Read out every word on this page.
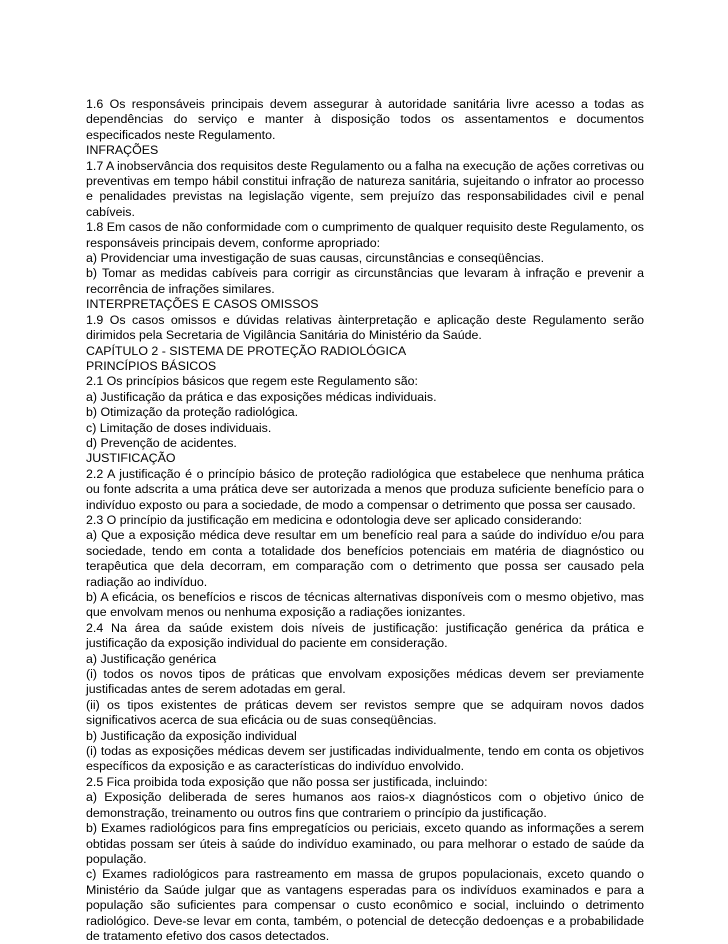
1.6 Os responsáveis principais devem assegurar à autoridade sanitária livre acesso a todas as dependências do serviço e manter à disposição todos os assentamentos e documentos especificados neste Regulamento.

INFRAÇÕES

1.7 A inobservância dos requisitos deste Regulamento ou a falha na execução de ações corretivas ou preventivas em tempo hábil constitui infração de natureza sanitária, sujeitando o infrator ao processo e penalidades previstas na legislação vigente, sem prejuízo das responsabilidades civil e penal cabíveis.

1.8 Em casos de não conformidade com o cumprimento de qualquer requisito deste Regulamento, os responsáveis principais devem, conforme apropriado:

a) Providenciar uma investigação de suas causas, circunstâncias e conseqüências.

b) Tomar as medidas cabíveis para corrigir as circunstâncias que levaram à infração e prevenir a recorrência de infrações similares.

INTERPRETAÇÕES E CASOS OMISSOS

1.9 Os casos omissos e dúvidas relativas àinterpretação e aplicação deste Regulamento serão dirimidos pela Secretaria de Vigilância Sanitária do Ministério da Saúde.

CAPÍTULO 2 - SISTEMA DE PROTEÇÃO RADIOLÓGICA

PRINCÍPIOS BÁSICOS

2.1 Os princípios básicos que regem este Regulamento são:

a) Justificação da prática e das exposições médicas individuais.

b) Otimização da proteção radiológica.

c) Limitação de doses individuais.

d) Prevenção de acidentes.

JUSTIFICAÇÃO

2.2 A justificação é o princípio básico de proteção radiológica que estabelece que nenhuma prática ou fonte adscrita a uma prática deve ser autorizada a menos que produza suficiente benefício para o indivíduo exposto ou para a sociedade, de modo a compensar o detrimento que possa ser causado.

2.3 O princípio da justificação em medicina e odontologia deve ser aplicado considerando:

a) Que a exposição médica deve resultar em um benefício real para a saúde do indivíduo e/ou para sociedade, tendo em conta a totalidade dos benefícios potenciais em matéria de diagnóstico ou terapêutica que dela decorram, em comparação com o detrimento que possa ser causado pela radiação ao indivíduo.

b) A eficácia, os benefícios e riscos de técnicas alternativas disponíveis com o mesmo objetivo, mas que envolvam menos ou nenhuma exposição a radiações ionizantes.

2.4 Na área da saúde existem dois níveis de justificação: justificação genérica da prática e justificação da exposição individual do paciente em consideração.

a) Justificação genérica

(i) todos os novos tipos de práticas que envolvam exposições médicas devem ser previamente justificadas antes de serem adotadas em geral.

(ii) os tipos existentes de práticas devem ser revistos sempre que se adquiram novos dados significativos acerca de sua eficácia ou de suas conseqüências.

b) Justificação da exposição individual

(i) todas as exposições médicas devem ser justificadas individualmente, tendo em conta os objetivos específicos da exposição e as características do indivíduo envolvido.

2.5 Fica proibida toda exposição que não possa ser justificada, incluindo:

a) Exposição deliberada de seres humanos aos raios-x diagnósticos com o objetivo único de demonstração, treinamento ou outros fins que contrariem o princípio da justificação.

b) Exames radiológicos para fins empregatícios ou periciais, exceto quando as informações a serem obtidas possam ser úteis à saúde do indivíduo examinado, ou para melhorar o estado de saúde da população.

c) Exames radiológicos para rastreamento em massa de grupos populacionais, exceto quando o Ministério da Saúde julgar que as vantagens esperadas para os indivíduos examinados e para a população são suficientes para compensar o custo econômico e social, incluindo o detrimento radiológico. Deve-se levar em conta, também, o potencial de detecção dedoenças e a probabilidade de tratamento efetivo dos casos detectados.
